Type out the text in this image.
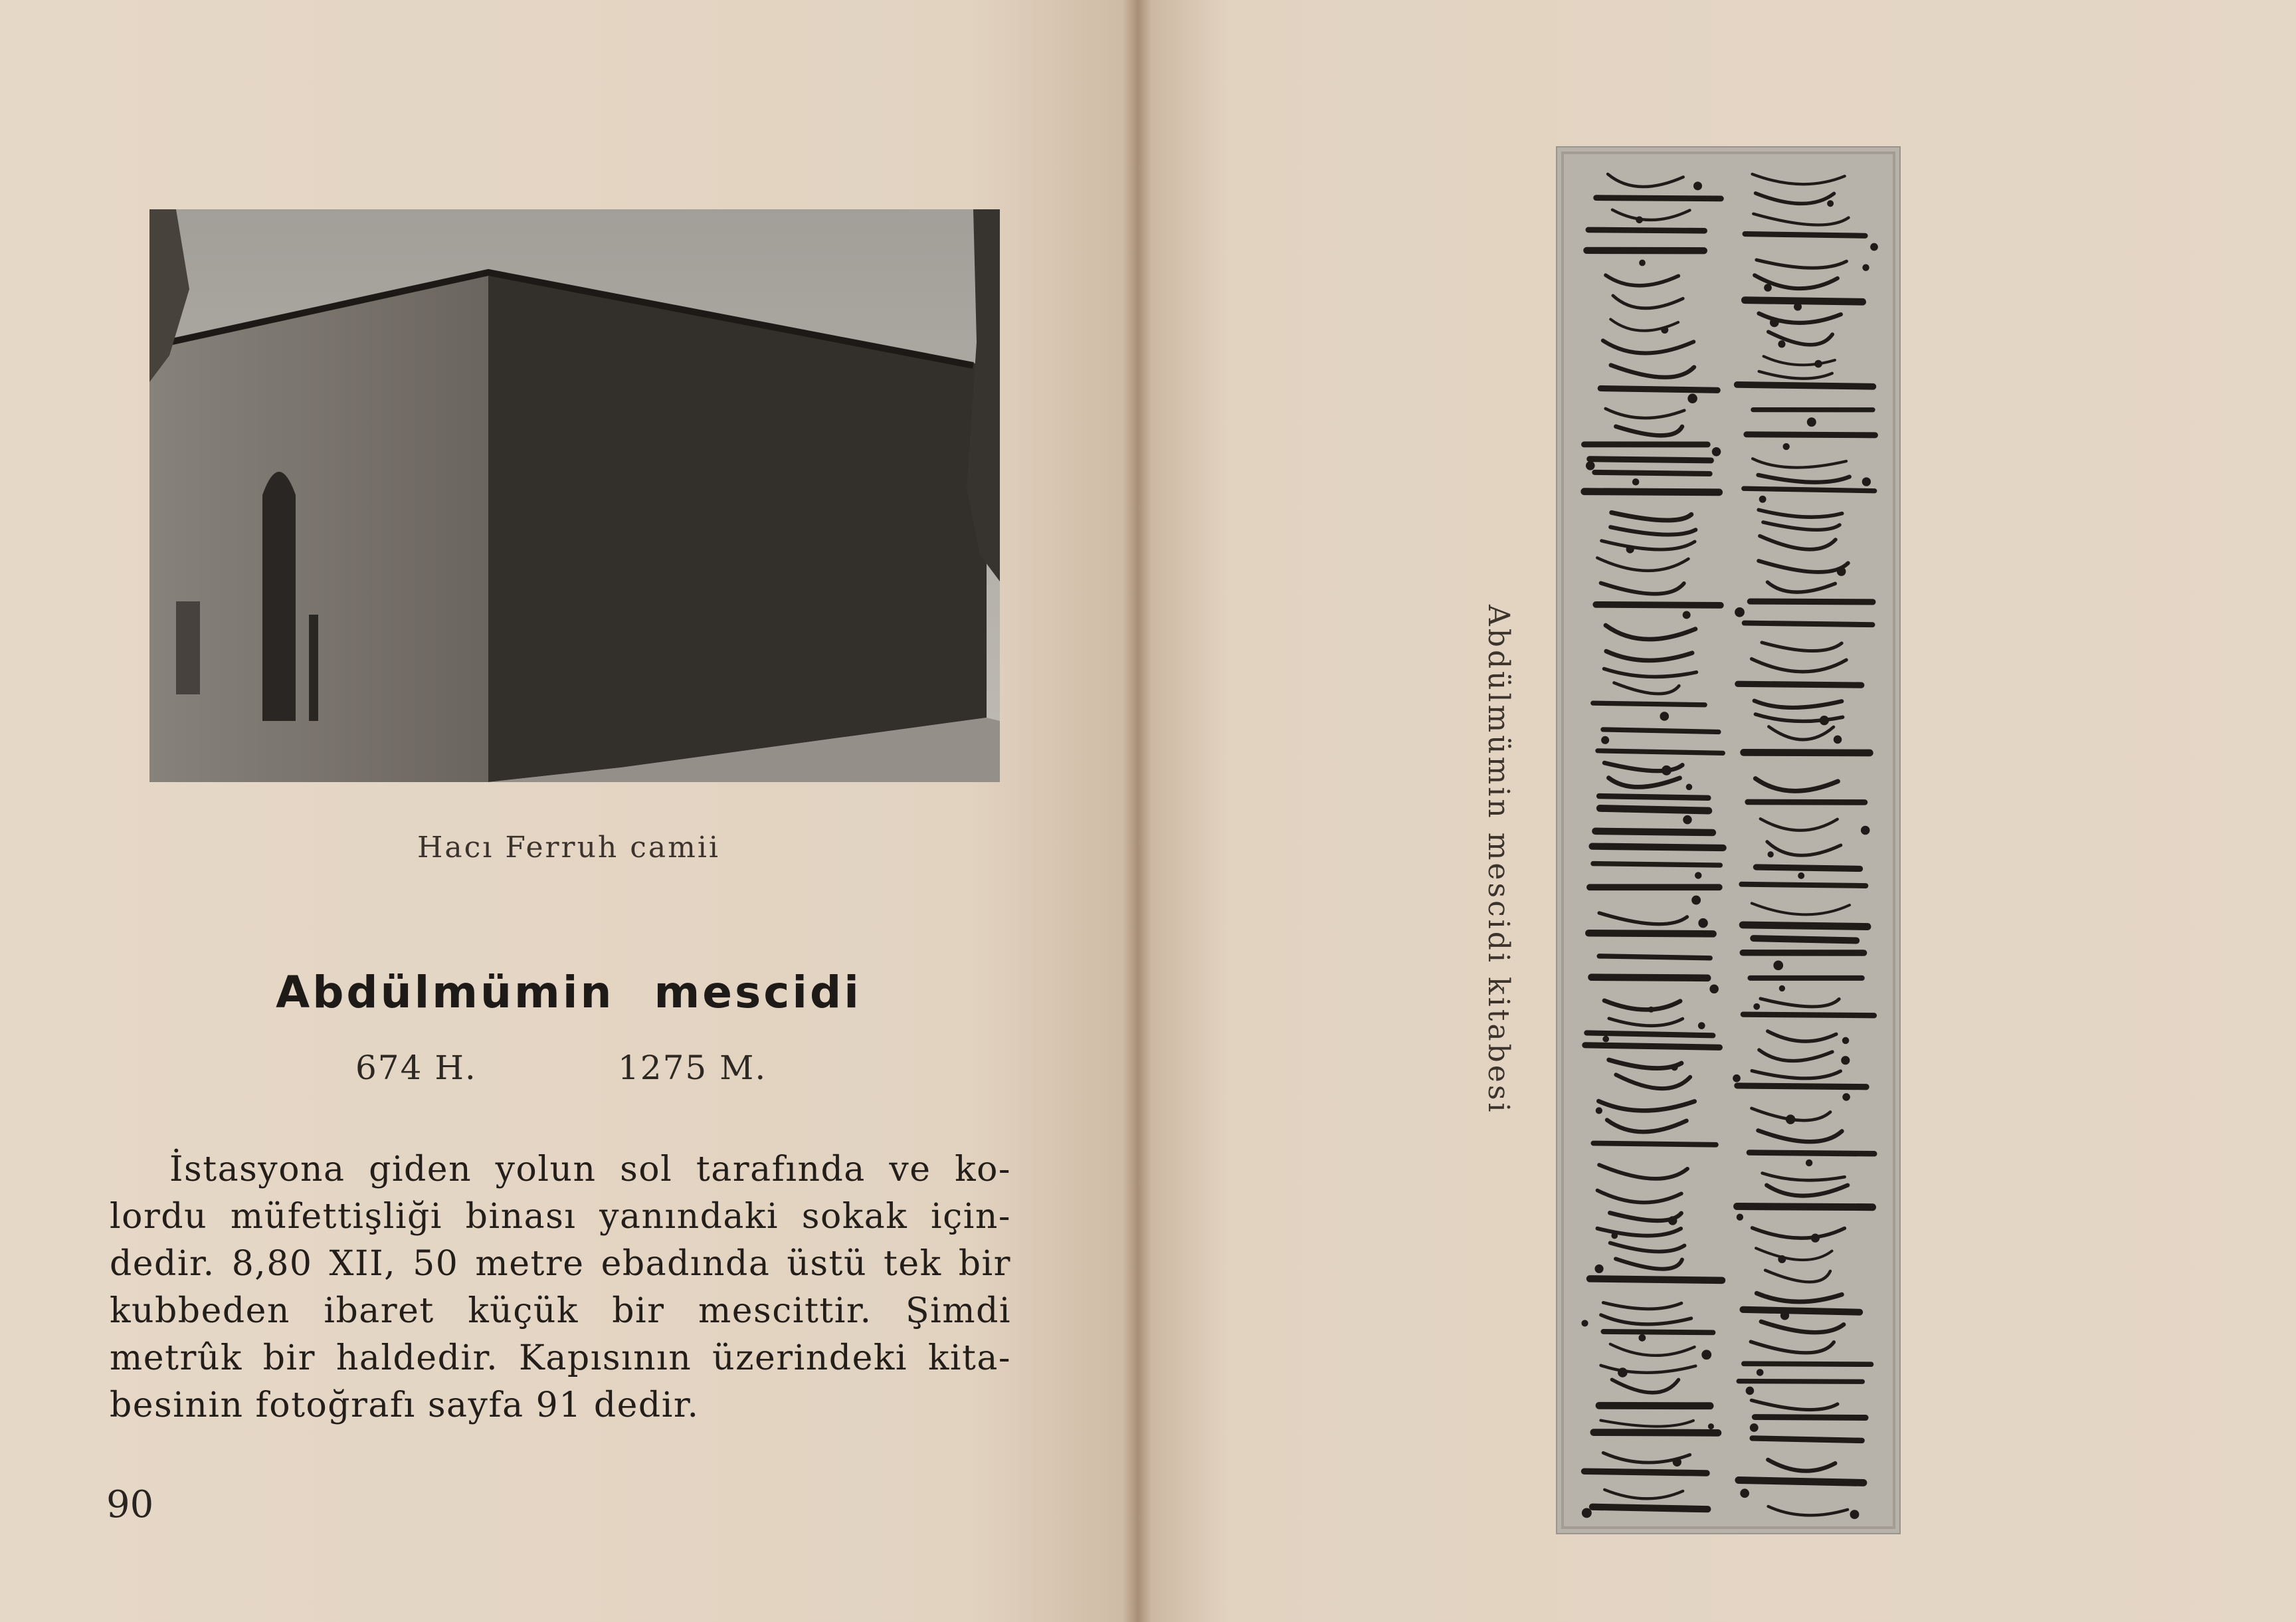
Hacı Ferruh camii
Abdülmümin mescidi
674 H.	1275 M.
İstasyona giden yolun sol tarafında ve ko-
lordu müfettişliği binası yanındaki sokak için-
dedir. 8,80 XII, 50 metre ebadında üstü tek bir
kubbeden ibaret küçük bir mescittir. Şimdi
metrûk bir haldedir. Kapısının üzerindeki kita-
besinin fotoğrafı sayfa 91 dedir.
90
Abdülmümin mescidi kitabesi
